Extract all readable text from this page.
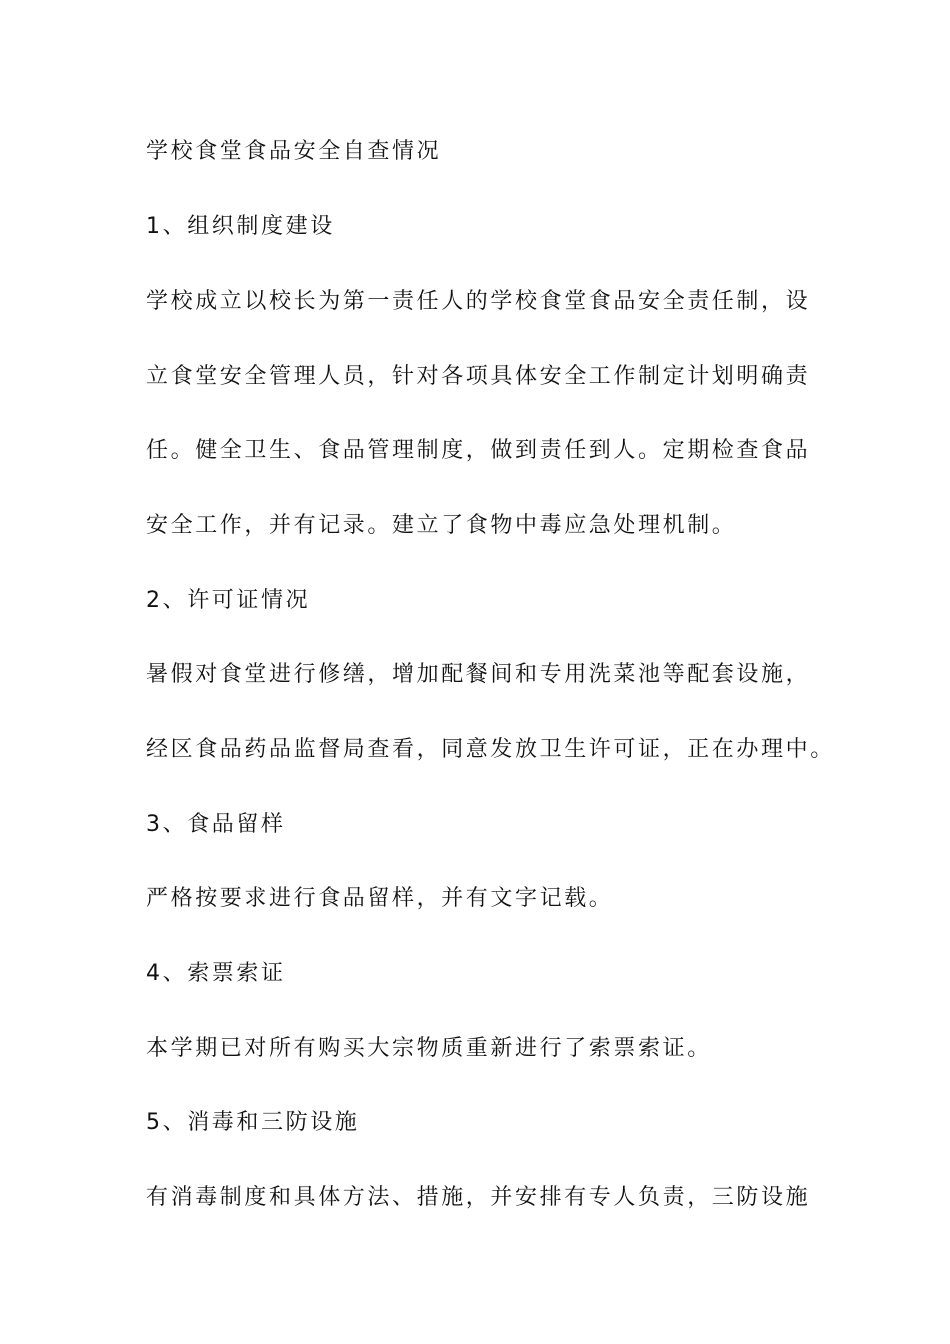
学校食堂食品安全自查情况

1、组织制度建设

学校成立以校长为第一责任人的学校食堂食品安全责任制，设

立食堂安全管理人员，针对各项具体安全工作制定计划明确责

任。健全卫生、食品管理制度，做到责任到人。定期检查食品

安全工作，并有记录。建立了食物中毒应急处理机制。

2、许可证情况

暑假对食堂进行修缮，增加配餐间和专用洗菜池等配套设施，

经区食品药品监督局查看，同意发放卫生许可证，正在办理中。

3、食品留样

严格按要求进行食品留样，并有文字记载。

4、索票索证

本学期已对所有购买大宗物质重新进行了索票索证。

5、消毒和三防设施

有消毒制度和具体方法、措施，并安排有专人负责，三防设施
